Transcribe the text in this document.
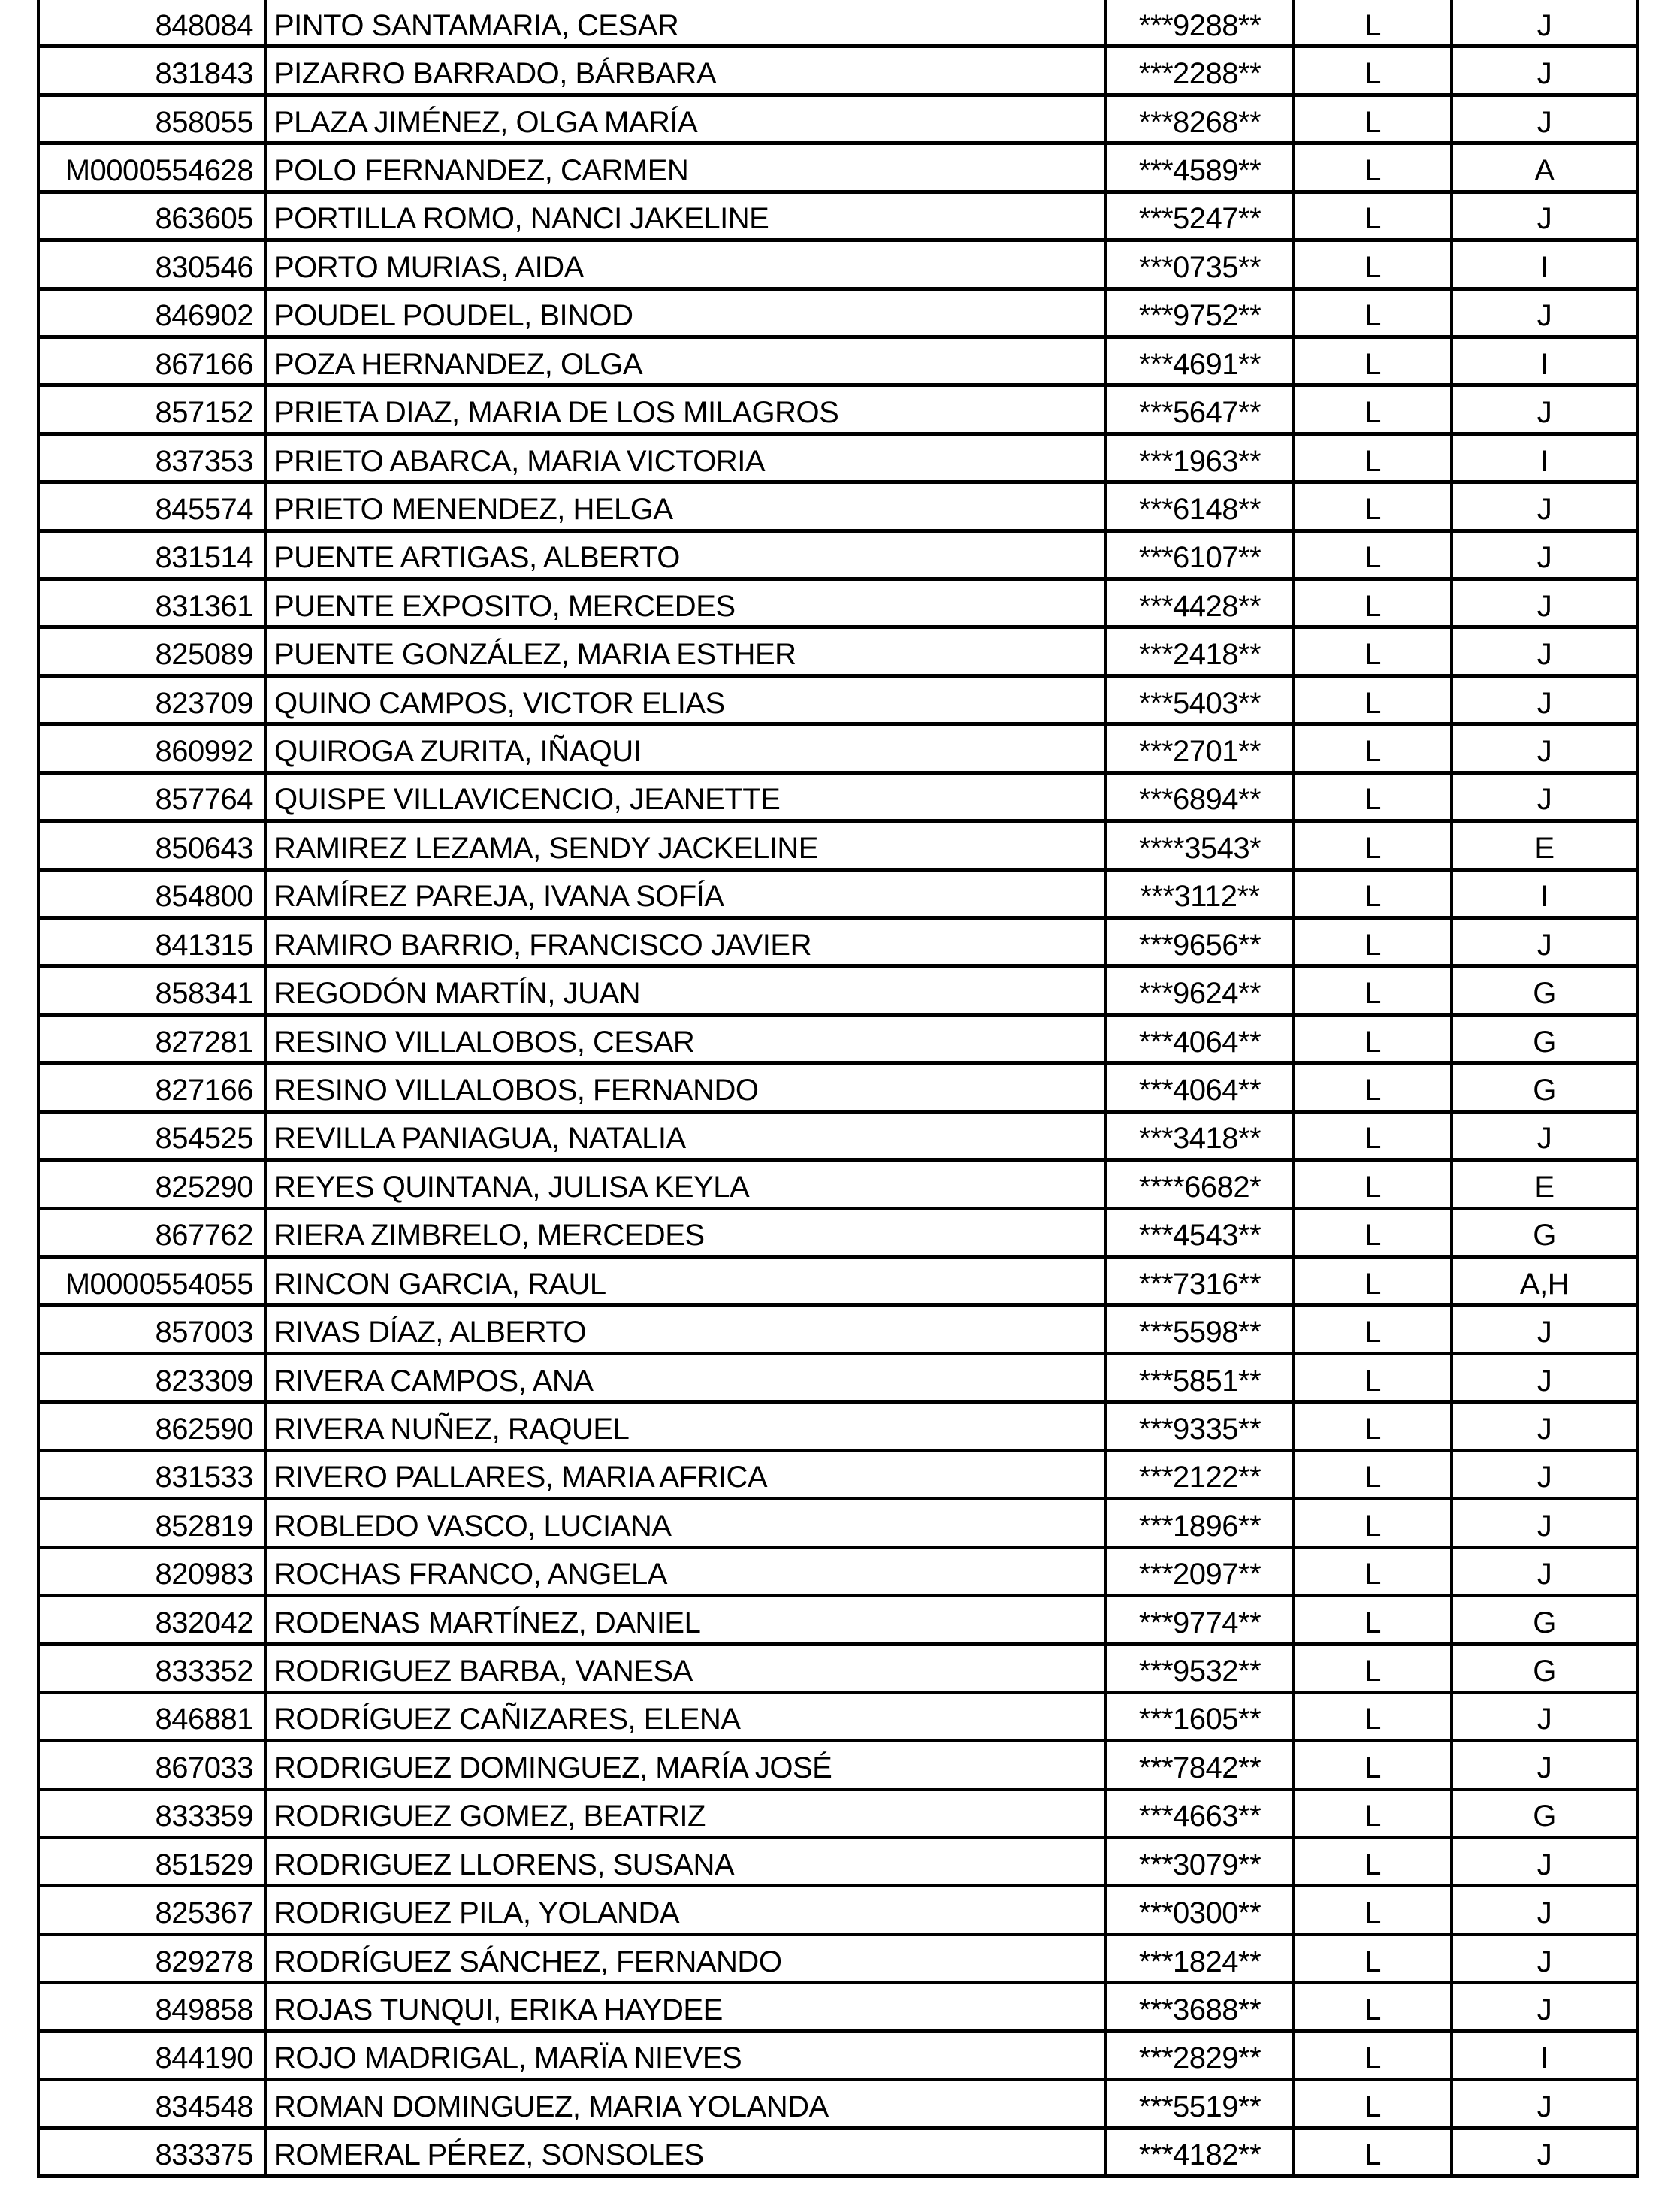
848084 PINTO SANTAMARIA, CESAR	***9288**	L	J
831843 PIZARRO BARRADO, BÁRBARA	***2288**	L	J
858055 PLAZA JIMÉNEZ, OLGA MARÍA	***8268**	L	J
M0000554628 POLO FERNANDEZ, CARMEN	***4589**	L	A
863605 PORTILLA ROMO, NANCI JAKELINE	***5247**	L	J
830546 PORTO MURIAS, AIDA	***0735**	L	I
846902 POUDEL POUDEL, BINOD	***9752**	L	J
867166 POZA HERNANDEZ, OLGA	***4691**	L	I
857152 PRIETA DIAZ, MARIA DE LOS MILAGROS	***5647**	L	J
837353 PRIETO ABARCA, MARIA VICTORIA	***1963**	L	I
845574 PRIETO MENENDEZ, HELGA	***6148**	L	J
831514 PUENTE ARTIGAS, ALBERTO	***6107**	L	J
831361 PUENTE EXPOSITO, MERCEDES	***4428**	L	J
825089 PUENTE GONZÁLEZ, MARIA ESTHER	***2418**	L	J
823709 QUINO CAMPOS, VICTOR ELIAS	***5403**	L	J
860992 QUIROGA ZURITA, IÑAQUI	***2701**	L	J
857764 QUISPE VILLAVICENCIO, JEANETTE	***6894**	L	J
850643 RAMIREZ LEZAMA, SENDY JACKELINE	****3543*	L	E
854800 RAMÍREZ PAREJA, IVANA SOFÍA	***3112**	L	I
841315 RAMIRO BARRIO, FRANCISCO JAVIER	***9656**	L	J
858341 REGODÓN MARTÍN, JUAN	***9624**	L	G
827281 RESINO VILLALOBOS, CESAR	***4064**	L	G
827166 RESINO VILLALOBOS, FERNANDO	***4064**	L	G
854525 REVILLA PANIAGUA, NATALIA	***3418**	L	J
825290 REYES QUINTANA, JULISA KEYLA	****6682*	L	E
867762 RIERA ZIMBRELO, MERCEDES	***4543**	L	G
M0000554055 RINCON GARCIA, RAUL	***7316**	L	A,H
857003 RIVAS DÍAZ, ALBERTO	***5598**	L	J
823309 RIVERA CAMPOS, ANA	***5851**	L	J
862590 RIVERA NUÑEZ, RAQUEL	***9335**	L	J
831533 RIVERO PALLARES, MARIA AFRICA	***2122**	L	J
852819 ROBLEDO VASCO, LUCIANA	***1896**	L	J
820983 ROCHAS FRANCO, ANGELA	***2097**	L	J
832042 RODENAS MARTÍNEZ, DANIEL	***9774**	L	G
833352 RODRIGUEZ BARBA, VANESA	***9532**	L	G
846881 RODRÍGUEZ CAÑIZARES, ELENA	***1605**	L	J
867033 RODRIGUEZ DOMINGUEZ, MARÍA JOSÉ	***7842**	L	J
833359 RODRIGUEZ GOMEZ, BEATRIZ	***4663**	L	G
851529 RODRIGUEZ LLORENS, SUSANA	***3079**	L	J
825367 RODRIGUEZ PILA, YOLANDA	***0300**	L	J
829278 RODRÍGUEZ SÁNCHEZ, FERNANDO	***1824**	L	J
849858 ROJAS TUNQUI, ERIKA HAYDEE	***3688**	L	J
844190 ROJO MADRIGAL, MARÏA NIEVES	***2829**	L	I
834548 ROMAN DOMINGUEZ, MARIA YOLANDA	***5519**	L	J
833375 ROMERAL PÉREZ, SONSOLES	***4182**	L	J
